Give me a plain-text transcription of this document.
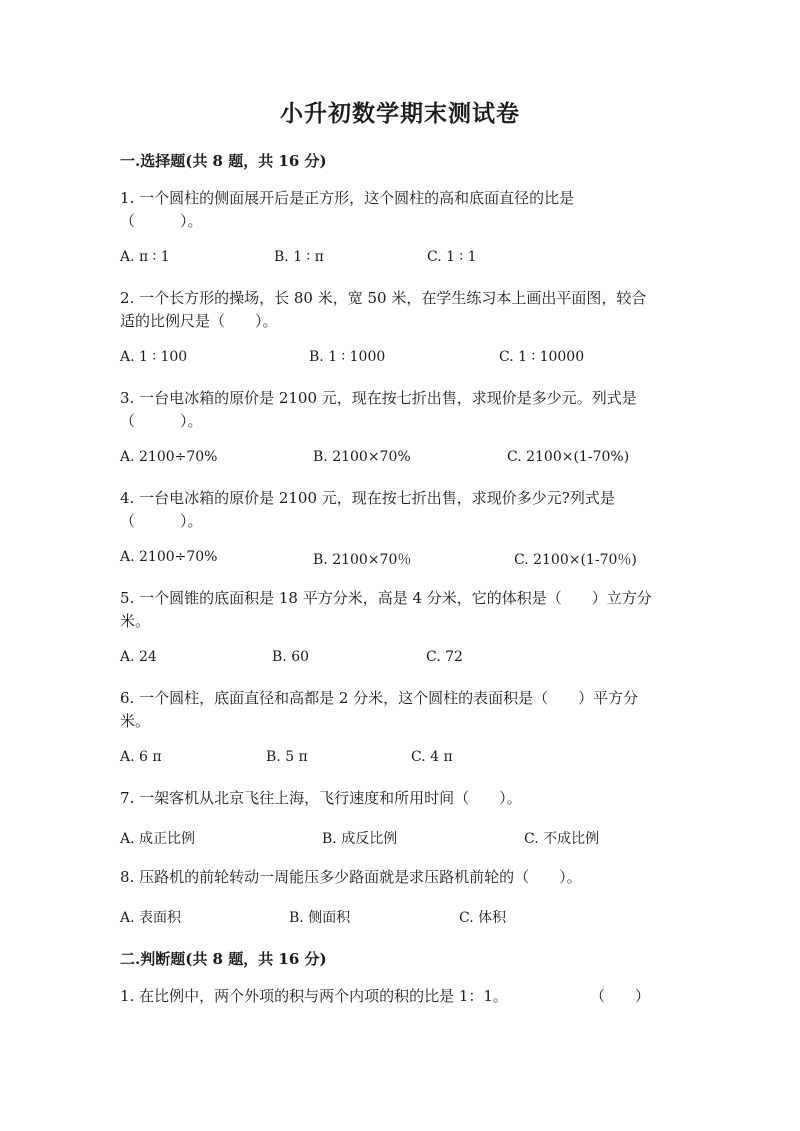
小升初数学期末测试卷
一.选择题(共 8 题，共 16 分)
1. 一个圆柱的侧面展开后是正方形，这个圆柱的高和底面直径的比是
（　　　）。
A. π ∶ 1	B. 1 ∶ π	C. 1 ∶ 1
2. 一个长方形的操场，长 80 米，宽 50 米，在学生练习本上画出平面图，较合
适的比例尺是（　　）。
A. 1 ∶ 100	B. 1 ∶ 1000	C. 1 ∶ 10000
3. 一台电冰箱的原价是 2100 元，现在按七折出售，求现价是多少元。列式是
（　　　）。
A. 2100÷70%	B. 2100×70%	C. 2100×(1-70%)
4. 一台电冰箱的原价是 2100 元，现在按七折出售，求现价多少元?列式是
（　　　）。
A. 2100÷70%	B. 2100×70％	C. 2100×(1-70％)
5. 一个圆锥的底面积是 18 平方分米，高是 4 分米，它的体积是（　　）立方分
米。
A. 24	B. 60	C. 72
6. 一个圆柱，底面直径和高都是 2 分米，这个圆柱的表面积是（　　）平方分
米。
A. 6 π	B. 5 π	C. 4 π
7. 一架客机从北京飞往上海，飞行速度和所用时间（　　）。
A. 成正比例	B. 成反比例	C. 不成比例
8. 压路机的前轮转动一周能压多少路面就是求压路机前轮的（　　）。
A. 表面积	B. 侧面积	C. 体积
二.判断题(共 8 题，共 16 分)
1. 在比例中，两个外项的积与两个内项的积的比是 1：1。	（　　）
